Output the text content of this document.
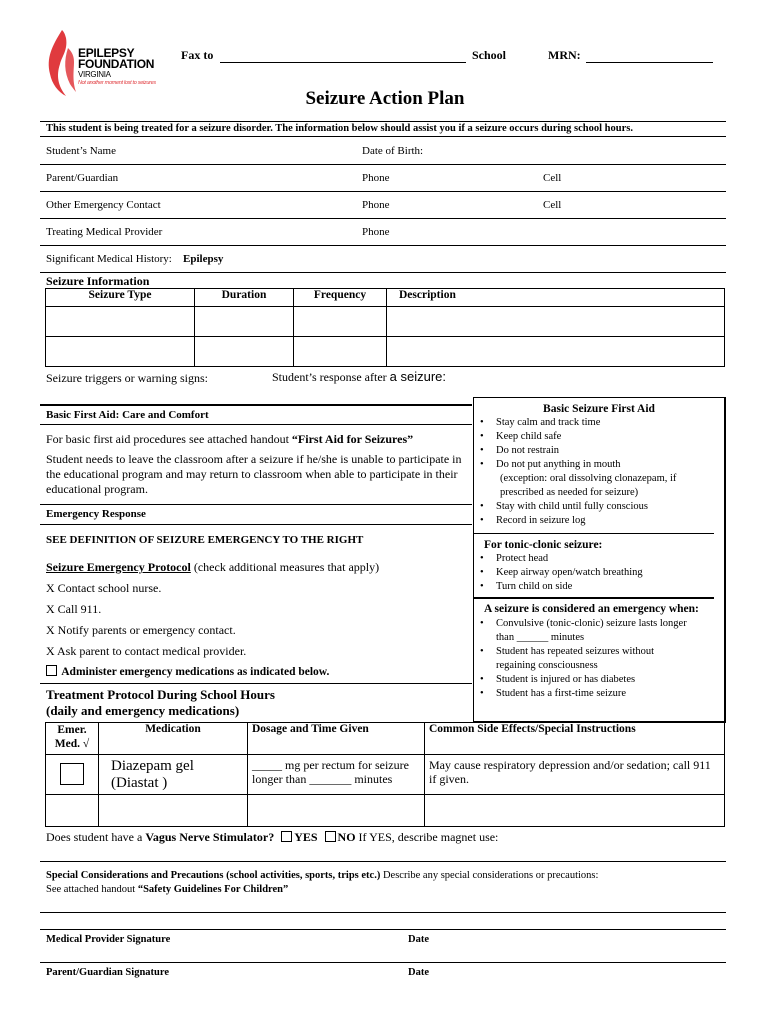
EPILEPSY
FOUNDATION
VIRGINIA
Not another moment lost to seizures
Fax to	School	MRN:
Seizure Action Plan
This student is being treated for a seizure disorder. The information below should assist you if a seizure occurs during school hours.
Student’s Name	Date of Birth:
Parent/Guardian	Phone	Cell
Other Emergency Contact	Phone	Cell
Treating Medical Provider	Phone
Significant Medical History: Epilepsy
Seizure Information
Seizure Type	Duration	Frequency	Description

Seizure triggers or warning signs:	Student’s response after a seizure:
Basic First Aid: Care and Comfort
For basic first aid procedures see attached handout “First Aid for Seizures”
Student needs to leave the classroom after a seizure if he/she is unable to participate in the educational program and may return to classroom when able to participate in their educational program.
Emergency Response
SEE DEFINITION OF SEIZURE EMERGENCY TO THE RIGHT
Seizure Emergency Protocol (check additional measures that apply)
X Contact school nurse.
X Call 911.
X Notify parents or emergency contact.
X Ask parent to contact medical provider.
Administer emergency medications as indicated below.
Treatment Protocol During School Hours
(daily and emergency medications)
Basic Seizure First Aid
• Stay calm and track time
• Keep child safe
• Do not restrain
• Do not put anything in mouth
(exception: oral dissolving clonazepam, if prescribed as needed for seizure)
• Stay with child until fully conscious
• Record in seizure log
For tonic-clonic seizure:
• Protect head
• Keep airway open/watch breathing
• Turn child on side
A seizure is considered an emergency when:
• Convulsive (tonic-clonic) seizure lasts longer
than ______ minutes
• Student has repeated seizures without
regaining consciousness
• Student is injured or has diabetes
• Student has a first-time seizure
Emer.
Med. √	Medication	Dosage and Time Given	Common Side Effects/Special Instructions

	Diazepam gel
(Diastat )	_____ mg per rectum for seizure longer than _______ minutes	May cause respiratory depression and/or sedation; call 911 if given.

Does student have a Vagus Nerve Stimulator? YES NO If YES, describe magnet use:
Special Considerations and Precautions (school activities, sports, trips etc.) Describe any special considerations or precautions:
See attached handout “Safety Guidelines For Children”
Medical Provider Signature	Date
Parent/Guardian Signature	Date
